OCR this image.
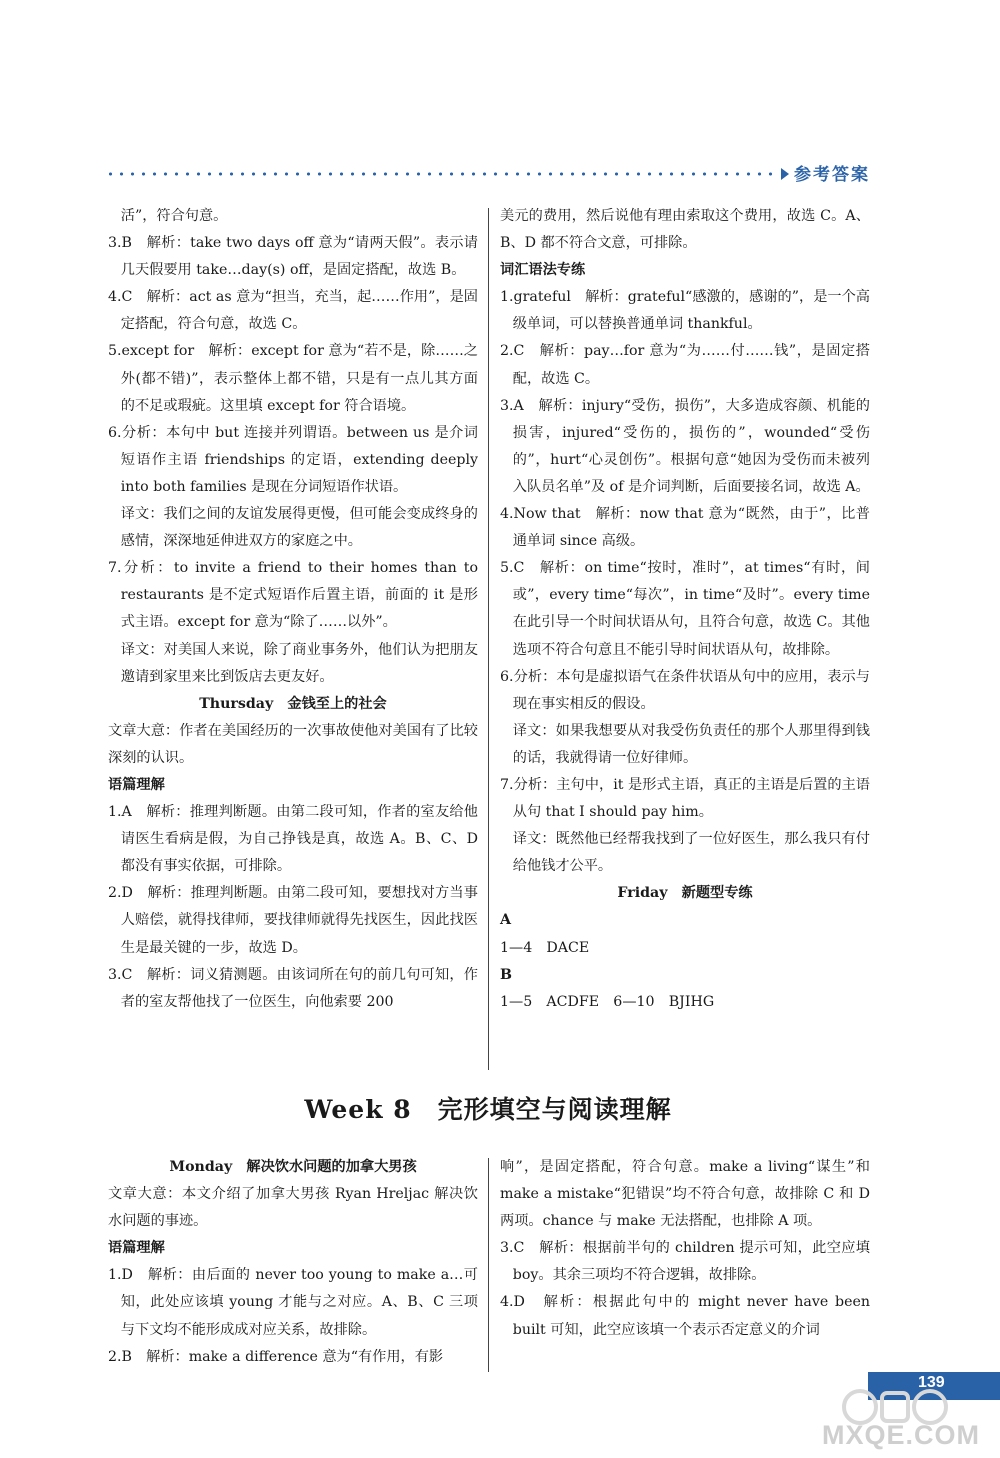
参考答案

活”，符合句意。

3.B　解析：take two days off 意为“请两天假”。表示请几天假要用 take…day(s) off，是固定搭配，故选 B。

4.C　解析：act as 意为“担当，充当，起……作用”，是固定搭配，符合句意，故选 C。

5.except for　解析：except for 意为“若不是，除……之外(都不错)”，表示整体上都不错，只是有一点儿其方面的不足或瑕疵。这里填 except for 符合语境。

6.分析：本句中 but 连接并列谓语。between us 是介词短语作主语 friendships 的定语，extending deeply into both families 是现在分词短语作状语。

译文：我们之间的友谊发展得更慢，但可能会变成终身的感情，深深地延伸进双方的家庭之中。

7.分析：to invite a friend to their homes than to restaurants 是不定式短语作后置主语，前面的 it 是形式主语。except for 意为“除了……以外”。

译文：对美国人来说，除了商业事务外，他们认为把朋友邀请到家里来比到饭店去更友好。

Thursday　金钱至上的社会

文章大意：作者在美国经历的一次事故使他对美国有了比较深刻的认识。

语篇理解

1.A　解析：推理判断题。由第二段可知，作者的室友给他请医生看病是假，为自己挣钱是真，故选 A。B、C、D 都没有事实依据，可排除。

2.D　解析：推理判断题。由第二段可知，要想找对方当事人赔偿，就得找律师，要找律师就得先找医生，因此找医生是最关键的一步，故选 D。

3.C　解析：词义猜测题。由该词所在句的前几句可知，作者的室友帮他找了一位医生，向他索要 200

美元的费用，然后说他有理由索取这个费用，故选 C。A、B、D 都不符合文意，可排除。

词汇语法专练

1.grateful　解析：grateful“感激的，感谢的”，是一个高级单词，可以替换普通单词 thankful。

2.C　解析：pay…for 意为“为……付……钱”，是固定搭配，故选 C。

3.A　解析：injury“受伤，损伤”，大多造成容颜、机能的损害，injured“受伤的，损伤的”，wounded“受伤的”，hurt“心灵创伤”。根据句意“她因为受伤而未被列入队员名单”及 of 是介词判断，后面要接名词，故选 A。

4.Now that　解析：now that 意为“既然，由于”，比普通单词 since 高级。

5.C　解析：on time“按时，准时”，at times“有时，间或”，every time“每次”，in time“及时”。every time 在此引导一个时间状语从句，且符合句意，故选 C。其他选项不符合句意且不能引导时间状语从句，故排除。

6.分析：本句是虚拟语气在条件状语从句中的应用，表示与现在事实相反的假设。

译文：如果我想要从对我受伤负责任的那个人那里得到钱的话，我就得请一位好律师。

7.分析：主句中，it 是形式主语，真正的主语是后置的主语从句 that I should pay him。

译文：既然他已经帮我找到了一位好医生，那么我只有付给他钱才公平。

Friday　新题型专练

A

1—4　DACE

B

1—5　ACDFE　6—10　BJIHG

Week 8　完形填空与阅读理解

Monday　解决饮水问题的加拿大男孩

文章大意：本文介绍了加拿大男孩 Ryan Hreljac 解决饮水问题的事迹。

语篇理解

1.D　解析：由后面的 never too young to make a…可知，此处应该填 young 才能与之对应。A、B、C 三项与下文均不能形成成对应关系，故排除。

2.B　解析：make a difference 意为“有作用，有影

响”，是固定搭配，符合句意。make a living“谋生”和 make a mistake“犯错误”均不符合句意，故排除 C 和 D 两项。chance 与 make 无法搭配，也排除 A 项。

3.C　解析：根据前半句的 children 提示可知，此空应填 boy。其余三项均不符合逻辑，故排除。

4.D　解析：根据此句中的 might never have been built 可知，此空应该填一个表示否定意义的介词

139
MXQE.COM
